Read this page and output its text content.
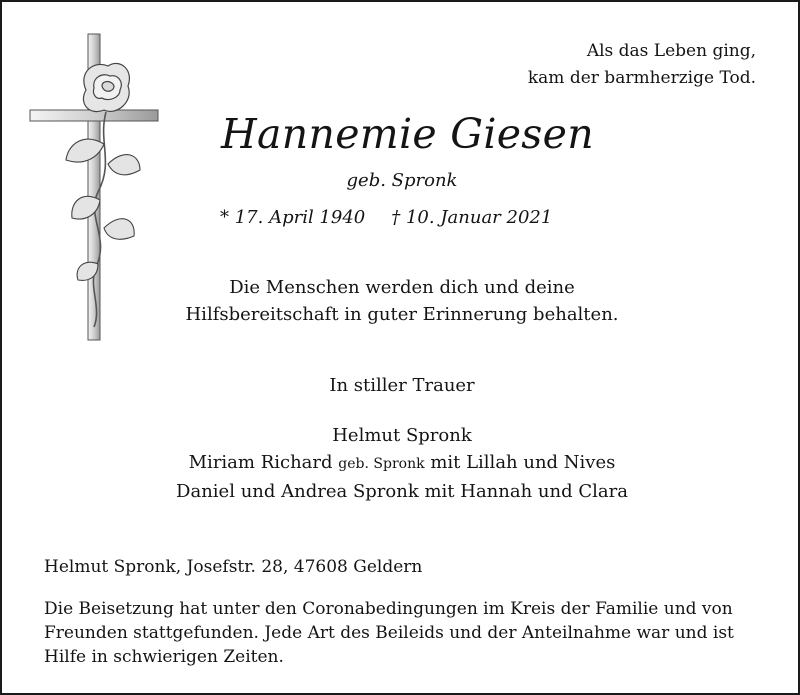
Als das Leben ging,
kam der barmherzige Tod.
Hannemie Giesen
geb. Spronk
* 17. April 1940 † 10. Januar 2021
Die Menschen werden dich und deine
Hilfsbereitschaft in guter Erinnerung behalten.
In stiller Trauer
Helmut Spronk
Miriam Richard geb. Spronk mit Lillah und Nives
Daniel und Andrea Spronk mit Hannah und Clara
Helmut Spronk, Josefstr. 28, 47608 Geldern
Die Beisetzung hat unter den Coronabedingungen im Kreis der Familie und von
Freunden stattgefunden. Jede Art des Beileids und der Anteilnahme war und ist
Hilfe in schwierigen Zeiten.
